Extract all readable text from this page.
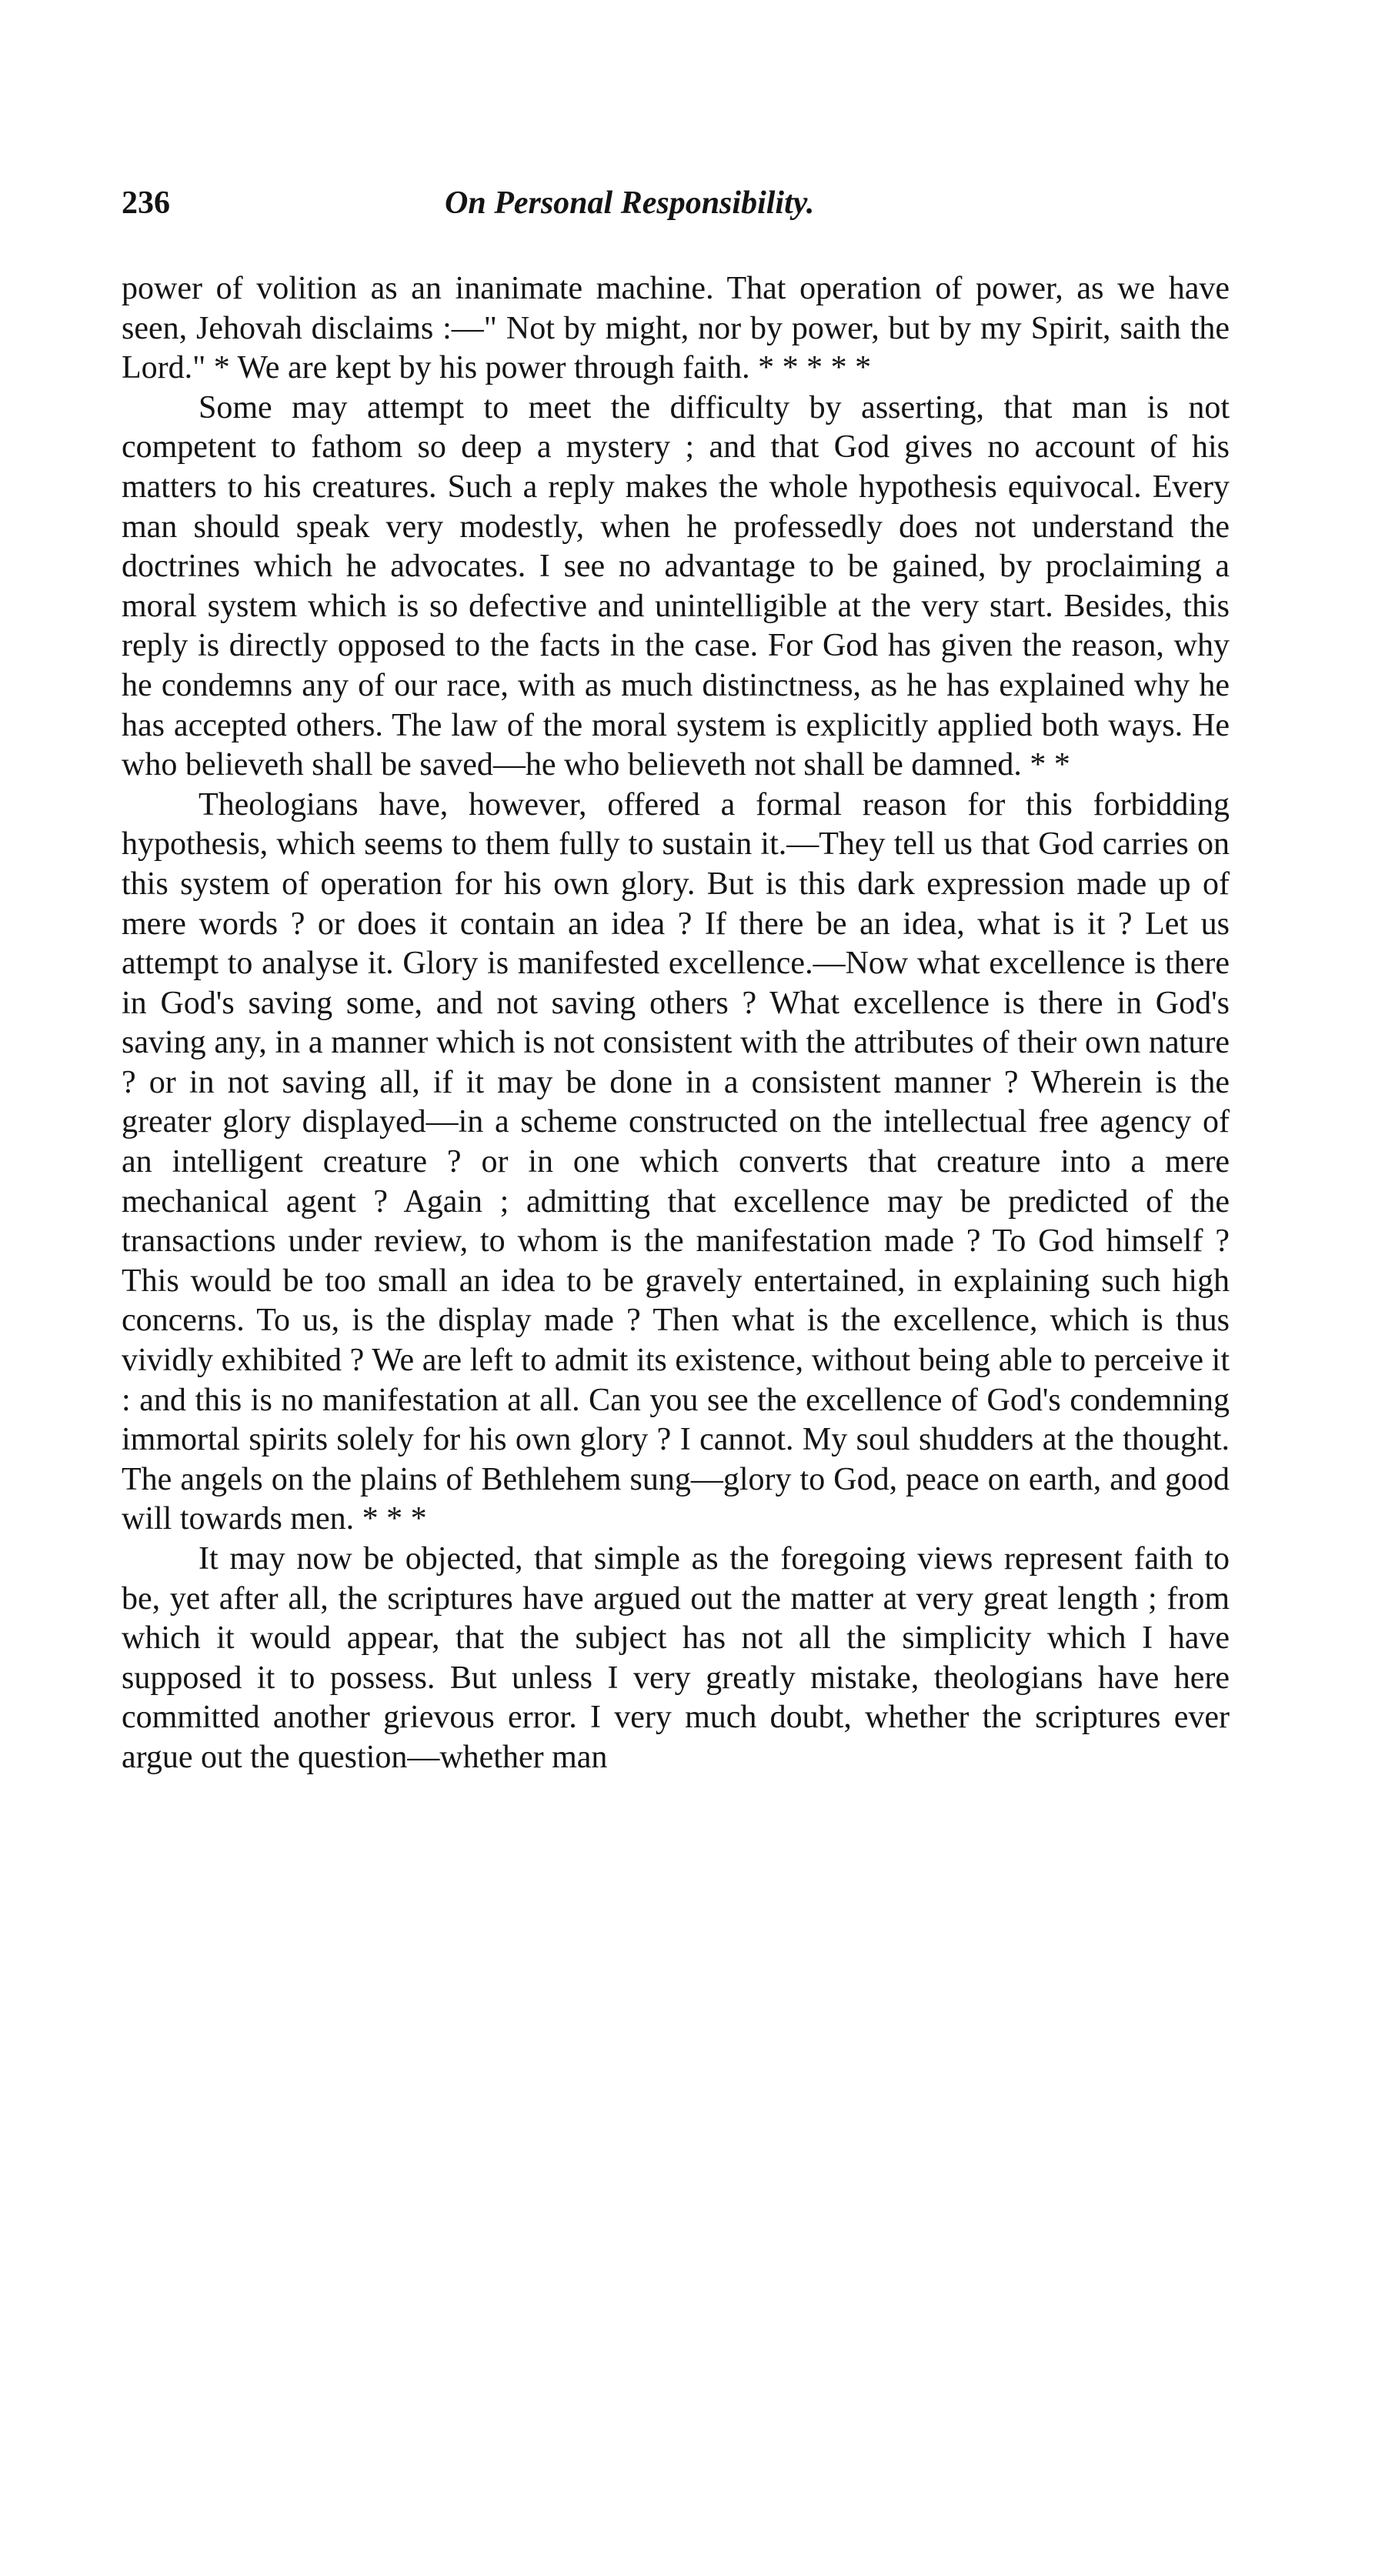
236	On Personal Responsibility.

power of volition as an inanimate machine. That operation of power, as we have seen, Jehovah disclaims :—" Not by might, nor by power, but by my Spirit, saith the Lord." * We are kept by his power through faith. * * * * *

Some may attempt to meet the difficulty by asserting, that man is not competent to fathom so deep a mystery ; and that God gives no account of his matters to his creatures. Such a reply makes the whole hypothesis equivocal. Every man should speak very modestly, when he professedly does not understand the doctrines which he advocates. I see no advantage to be gained, by proclaiming a moral system which is so defective and unintelligible at the very start. Besides, this reply is directly opposed to the facts in the case. For God has given the reason, why he condemns any of our race, with as much distinctness, as he has explained why he has accepted others. The law of the moral system is explicitly applied both ways. He who believeth shall be saved—he who believeth not shall be damned. * *

Theologians have, however, offered a formal reason for this forbidding hypothesis, which seems to them fully to sustain it.—They tell us that God carries on this system of operation for his own glory. But is this dark expression made up of mere words ? or does it contain an idea ? If there be an idea, what is it ? Let us attempt to analyse it. Glory is manifested excellence.—Now what excellence is there in God's saving some, and not saving others ? What excellence is there in God's saving any, in a manner which is not consistent with the attributes of their own nature ? or in not saving all, if it may be done in a consistent manner ? Wherein is the greater glory displayed—in a scheme constructed on the intellectual free agency of an intelligent creature ? or in one which converts that creature into a mere mechanical agent ? Again ; admitting that excellence may be predicted of the transactions under review, to whom is the manifestation made ? To God himself ? This would be too small an idea to be gravely entertained, in explaining such high concerns. To us, is the display made ? Then what is the excellence, which is thus vividly exhibited ? We are left to admit its existence, without being able to perceive it : and this is no manifestation at all. Can you see the excellence of God's condemning immortal spirits solely for his own glory ? I cannot. My soul shudders at the thought. The angels on the plains of Bethlehem sung—glory to God, peace on earth, and good will towards men. * * *

It may now be objected, that simple as the foregoing views represent faith to be, yet after all, the scriptures have argued out the matter at very great length ; from which it would appear, that the subject has not all the simplicity which I have supposed it to possess. But unless I very greatly mistake, theologians have here committed another grievous error. I very much doubt, whether the scriptures ever argue out the question—whether man
